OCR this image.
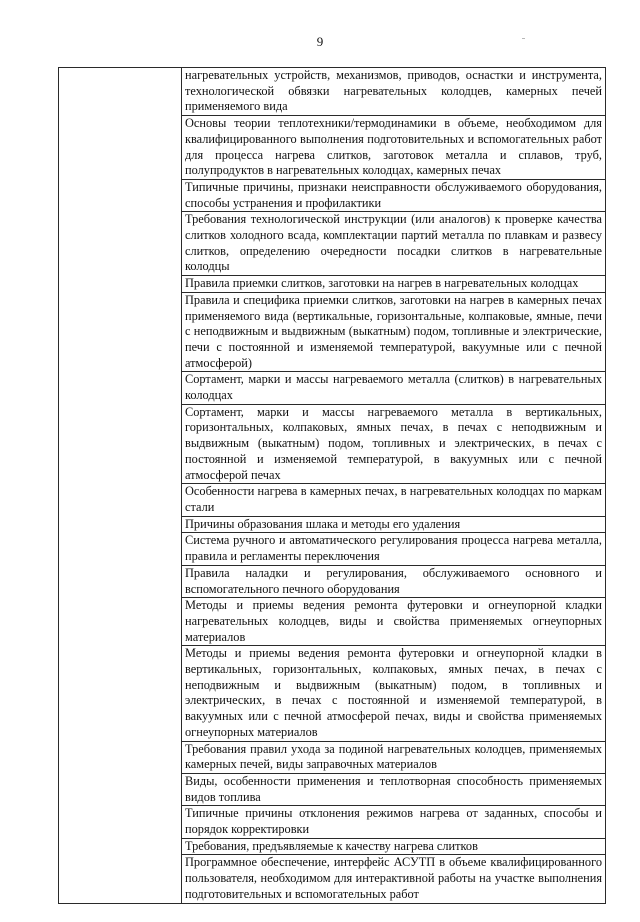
9

нагревательных устройств, механизмов, приводов, оснастки и инструмента, технологической обвязки нагревательных колодцев, камерных печей применяемого вида

Основы теории теплотехники/термодинамики в объеме, необходимом для квалифицированного выполнения подготовительных и вспомогательных работ для процесса нагрева слитков, заготовок металла и сплавов, труб, полупродуктов в нагревательных колодцах, камерных печах

Типичные причины, признаки неисправности обслуживаемого оборудования, способы устранения и профилактики

Требования технологической инструкции (или аналогов) к проверке качества слитков холодного всада, комплектации партий металла по плавкам и развесу слитков, определению очередности посадки слитков в нагревательные колодцы

Правила приемки слитков, заготовки на нагрев в нагревательных колодцах

Правила и специфика приемки слитков, заготовки на нагрев в камерных печах применяемого вида (вертикальные, горизонтальные, колпаковые, ямные, печи с неподвижным и выдвижным (выкатным) подом, топливные и электрические, печи с постоянной и изменяемой температурой, вакуумные или с печной атмосферой)

Сортамент, марки и массы нагреваемого металла (слитков) в нагревательных колодцах

Сортамент, марки и массы нагреваемого металла в вертикальных, горизонтальных, колпаковых, ямных печах, в печах с неподвижным и выдвижным (выкатным) подом, топливных и электрических, в печах с постоянной и изменяемой температурой, в вакуумных или с печной атмосферой печах

Особенности нагрева в камерных печах, в нагревательных колодцах по маркам стали

Причины образования шлака и методы его удаления

Система ручного и автоматического регулирования процесса нагрева металла, правила и регламенты переключения

Правила наладки и регулирования, обслуживаемого основного и вспомогательного печного оборудования

Методы и приемы ведения ремонта футеровки и огнеупорной кладки нагревательных колодцев, виды и свойства применяемых огнеупорных материалов

Методы и приемы ведения ремонта футеровки и огнеупорной кладки в вертикальных, горизонтальных, колпаковых, ямных печах, в печах с неподвижным и выдвижным (выкатным) подом, в топливных и электрических, в печах с постоянной и изменяемой температурой, в вакуумных или с печной атмосферой печах, виды и свойства применяемых огнеупорных материалов

Требования правил ухода за подиной нагревательных колодцев, применяемых камерных печей, виды заправочных материалов

Виды, особенности применения и теплотворная способность применяемых видов топлива

Типичные причины отклонения режимов нагрева от заданных, способы и порядок корректировки

Требования, предъявляемые к качеству нагрева слитков

Программное обеспечение, интерфейс АСУТП в объеме квалифицированного пользователя, необходимом для интерактивной работы на участке выполнения подготовительных и вспомогательных работ
